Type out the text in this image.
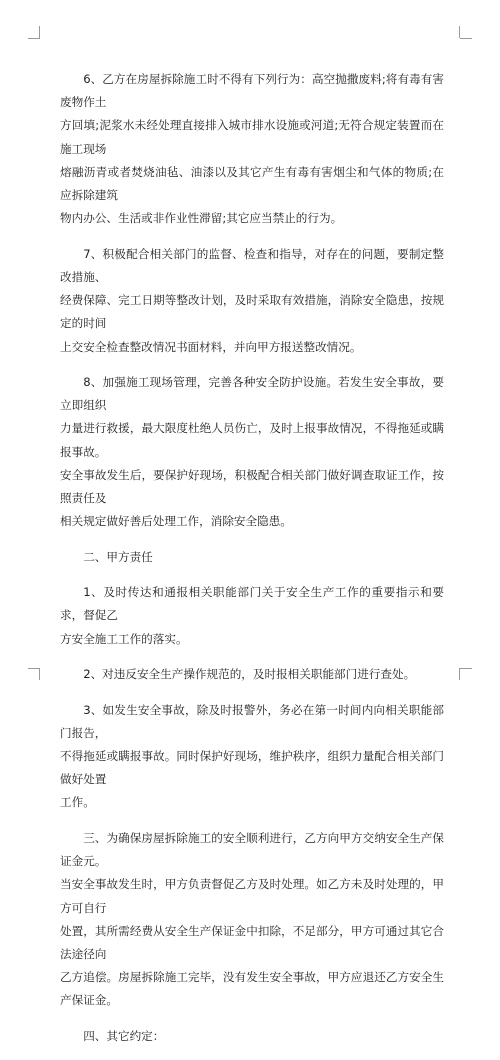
6、乙方在房屋拆除施工时不得有下列行为：高空抛撒废料;将有毒有害废物作土
方回填;泥浆水未经处理直接排入城市排水设施或河道;无符合规定装置而在施工现场
熔融沥青或者焚烧油毡、油漆以及其它产生有毒有害烟尘和气体的物质;在应拆除建筑
物内办公、生活或非作业性滞留;其它应当禁止的行为。

7、积极配合相关部门的监督、检查和指导，对存在的问题，要制定整改措施、
经费保障、完工日期等整改计划，及时采取有效措施，消除安全隐患，按规定的时间
上交安全检查整改情况书面材料，并向甲方报送整改情况。

8、加强施工现场管理，完善各种安全防护设施。若发生安全事故，要立即组织
力量进行救援，最大限度杜绝人员伤亡，及时上报事故情况，不得拖延或瞒报事故。
安全事故发生后，要保护好现场，积极配合相关部门做好调查取证工作，按照责任及
相关规定做好善后处理工作，消除安全隐患。

二、甲方责任

1、及时传达和通报相关职能部门关于安全生产工作的重要指示和要求，督促乙
方安全施工工作的落实。

2、对违反安全生产操作规范的，及时报相关职能部门进行查处。

3、如发生安全事故，除及时报警外，务必在第一时间内向相关职能部门报告，
不得拖延或瞒报事故。同时保护好现场，维护秩序，组织力量配合相关部门做好处置
工作。

三、为确保房屋拆除施工的安全顺利进行，乙方向甲方交纳安全生产保证金元。
当安全事故发生时，甲方负责督促乙方及时处理。如乙方未及时处理的，甲方可自行
处置，其所需经费从安全生产保证金中扣除，不足部分，甲方可通过其它合法途径向
乙方追偿。房屋拆除施工完毕，没有发生安全事故，甲方应退还乙方安全生产保证金。

四、其它约定：
